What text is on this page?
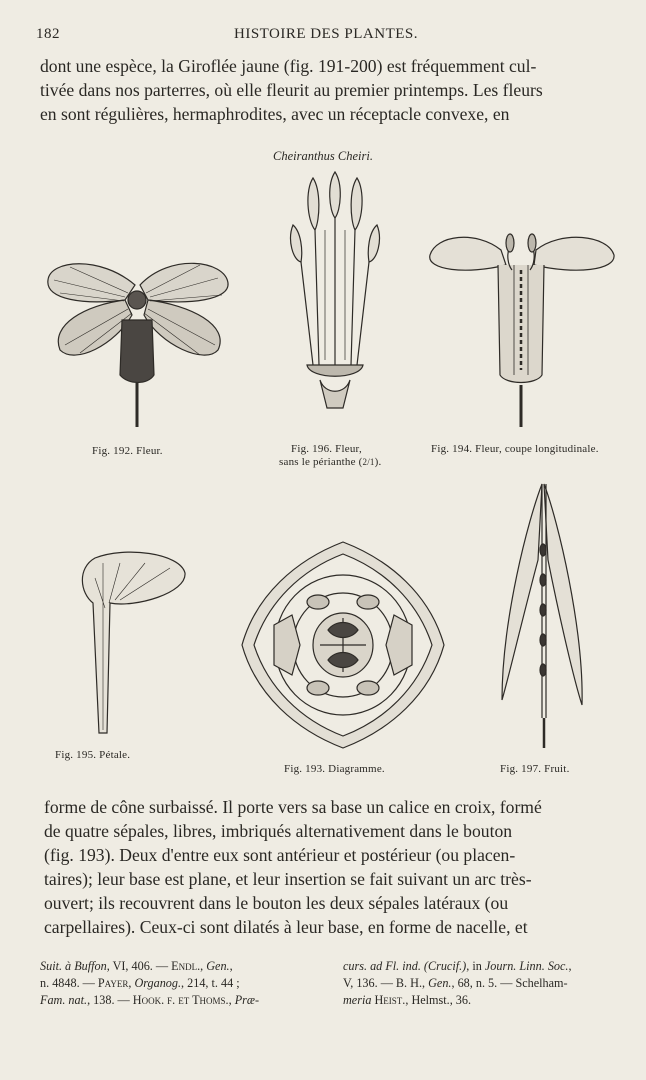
182	HISTOIRE DES PLANTES.
dont une espèce, la Giroflée jaune (fig. 191-200) est fréquemment cul-
tivée dans nos parterres, où elle fleurit au premier printemps. Les fleurs
en sont régulières, hermaphrodites, avec un réceptacle convexe, en
Cheiranthus Cheiri.
Fig. 192. Fleur.	Fig. 196. Fleur,
sans le périanthe (2/1).
Fig. 194. Fleur, coupe longitudinale.
Fig. 195. Pétale.
Fig. 193. Diagramme.	Fig. 197. Fruit.
forme de cône surbaissé. Il porte vers sa base un calice en croix, formé
de quatre sépales, libres, imbriqués alternativement dans le bouton
(fig. 193). Deux d'entre eux sont antérieur et postérieur (ou placen-
taires); leur base est plane, et leur insertion se fait suivant un arc très-
ouvert; ils recouvrent dans le bouton les deux sépales latéraux (ou
carpellaires). Ceux-ci sont dilatés à leur base, en forme de nacelle, et
Suit. à Buffon, VI, 406. — Endl., Gen.,
n. 4848. — Payer, Organog., 214, t. 44 ;
Fam. nat., 138. — Hook. f. et Thoms., Præ-
curs. ad Fl. ind. (Crucif.), in Journ. Linn. Soc.,
V, 136. — B. H., Gen., 68, n. 5. — Schelham-
meria Heist., Helmst., 36.
